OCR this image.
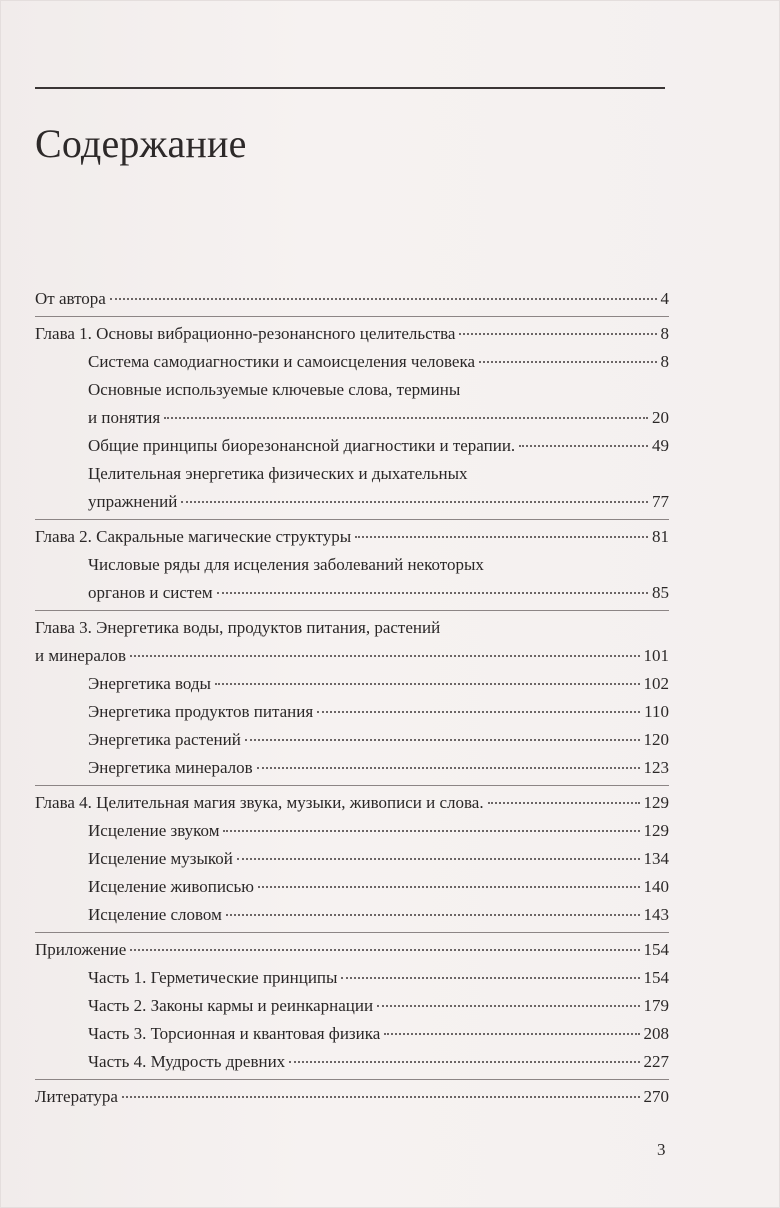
Содержание
От автора	4
Глава 1. Основы вибрационно-резонансного целительства	8
Система самодиагностики и самоисцеления человека	8
Основные используемые ключевые слова, термины
и понятия	20
Общие принципы биорезонансной диагностики и терапии.	49
Целительная энергетика физических и дыхательных
упражнений	77
Глава 2. Сакральные магические структуры	81
Числовые ряды для исцеления заболеваний некоторых
органов и систем	85
Глава 3. Энергетика воды, продуктов питания, растений
и минералов	101
Энергетика воды	102
Энергетика продуктов питания	110
Энергетика растений	120
Энергетика минералов	123
Глава 4. Целительная магия звука, музыки, живописи и слова.	129
Исцеление звуком	129
Исцеление музыкой	134
Исцеление живописью	140
Исцеление словом	143
Приложение	154
Часть 1. Герметические принципы	154
Часть 2. Законы кармы и реинкарнации	179
Часть 3. Торсионная и квантовая физика	208
Часть 4. Мудрость древних	227
Литература	270
3
